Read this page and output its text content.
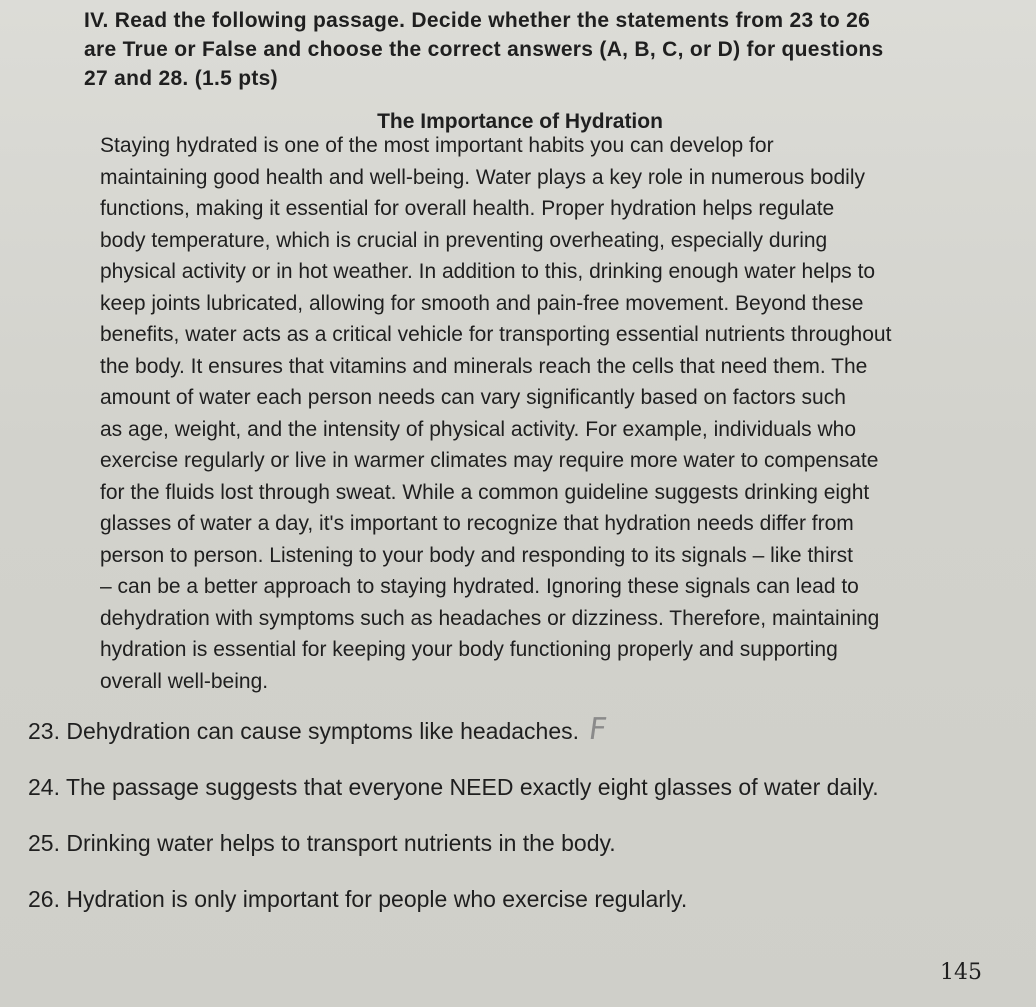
IV. Read the following passage. Decide whether the statements from 23 to 26 are True or False and choose the correct answers (A, B, C, or D) for questions 27 and 28. (1.5 pts)
The Importance of Hydration
Staying hydrated is one of the most important habits you can develop for
maintaining good health and well-being. Water plays a key role in numerous bodily
functions, making it essential for overall health. Proper hydration helps regulate
body temperature, which is crucial in preventing overheating, especially during
physical activity or in hot weather. In addition to this, drinking enough water helps to
keep joints lubricated, allowing for smooth and pain-free movement. Beyond these
benefits, water acts as a critical vehicle for transporting essential nutrients throughout
the body. It ensures that vitamins and minerals reach the cells that need them. The
amount of water each person needs can vary significantly based on factors such
as age, weight, and the intensity of physical activity. For example, individuals who
exercise regularly or live in warmer climates may require more water to compensate
for the fluids lost through sweat. While a common guideline suggests drinking eight
glasses of water a day, it's important to recognize that hydration needs differ from
person to person. Listening to your body and responding to its signals – like thirst
– can be a better approach to staying hydrated. Ignoring these signals can lead to
dehydration with symptoms such as headaches or dizziness. Therefore, maintaining
hydration is essential for keeping your body functioning properly and supporting
overall well-being.
23. Dehydration can cause symptoms like headaches. F
24. The passage suggests that everyone NEED exactly eight glasses of water daily.
25. Drinking water helps to transport nutrients in the body.
26. Hydration is only important for people who exercise regularly.
145
